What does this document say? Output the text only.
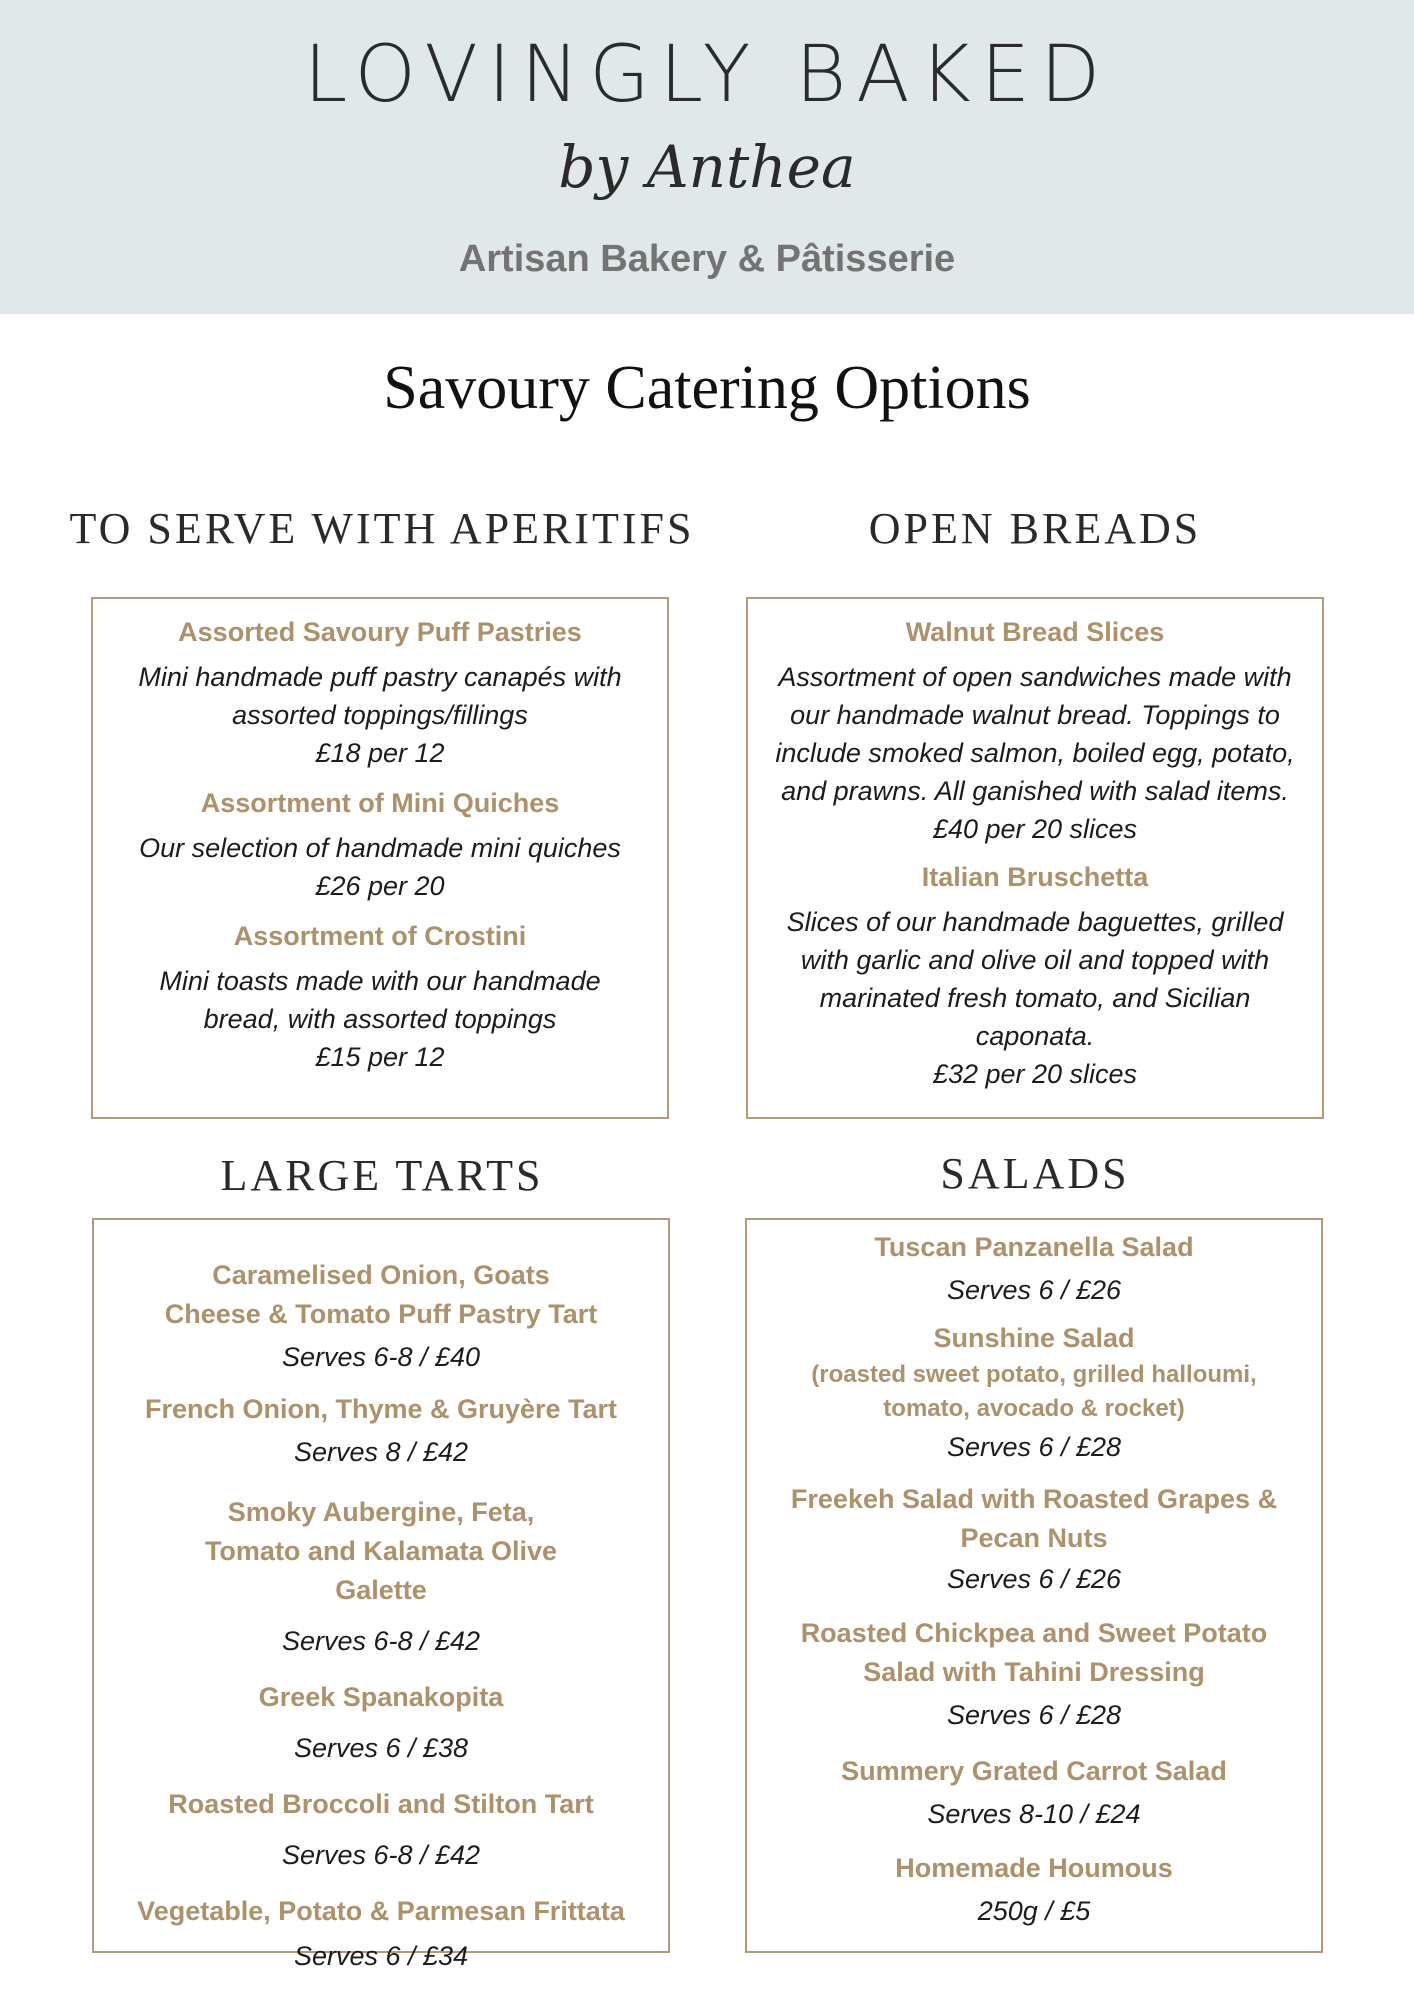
LOVINGLY BAKED
by Anthea
Artisan Bakery & Pâtisserie
Savoury Catering Options
TO SERVE WITH APERITIFS	OPEN BREADS
LARGE TARTS	SALADS

Assorted Savoury Puff Pastries

Mini handmade puff pastry canapés with assorted toppings/fillings

£18 per 12

Assortment of Mini Quiches

Our selection of handmade mini quiches

£26 per 20

Assortment of Crostini

Mini toasts made with our handmade bread, with assorted toppings

£15 per 12

Walnut Bread Slices

Assortment of open sandwiches made with our handmade walnut bread. Toppings to include smoked salmon, boiled egg, potato, and prawns. All ganished with salad items.

£40 per 20 slices

Italian Bruschetta

Slices of our handmade baguettes, grilled with garlic and olive oil and topped with marinated fresh tomato, and Sicilian caponata.

£32 per 20 slices

Caramelised Onion, Goats Cheese & Tomato Puff Pastry Tart

Serves 6-8 / £40

French Onion, Thyme & Gruyère Tart

Serves 8 / £42

Smoky Aubergine, Feta, Tomato and Kalamata Olive Galette

Serves 6-8 / £42

Greek Spanakopita

Serves 6 / £38

Roasted Broccoli and Stilton Tart

Serves 6-8 / £42

Vegetable, Potato & Parmesan Frittata

Serves 6 / £34

Tuscan Panzanella Salad

Serves 6 / £26

Sunshine Salad

(roasted sweet potato, grilled halloumi, tomato, avocado & rocket)

Serves 6 / £28

Freekeh Salad with Roasted Grapes & Pecan Nuts

Serves 6 / £26

Roasted Chickpea and Sweet Potato Salad with Tahini Dressing

Serves 6 / £28

Summery Grated Carrot Salad

Serves 8-10 / £24

Homemade Houmous

250g / £5
